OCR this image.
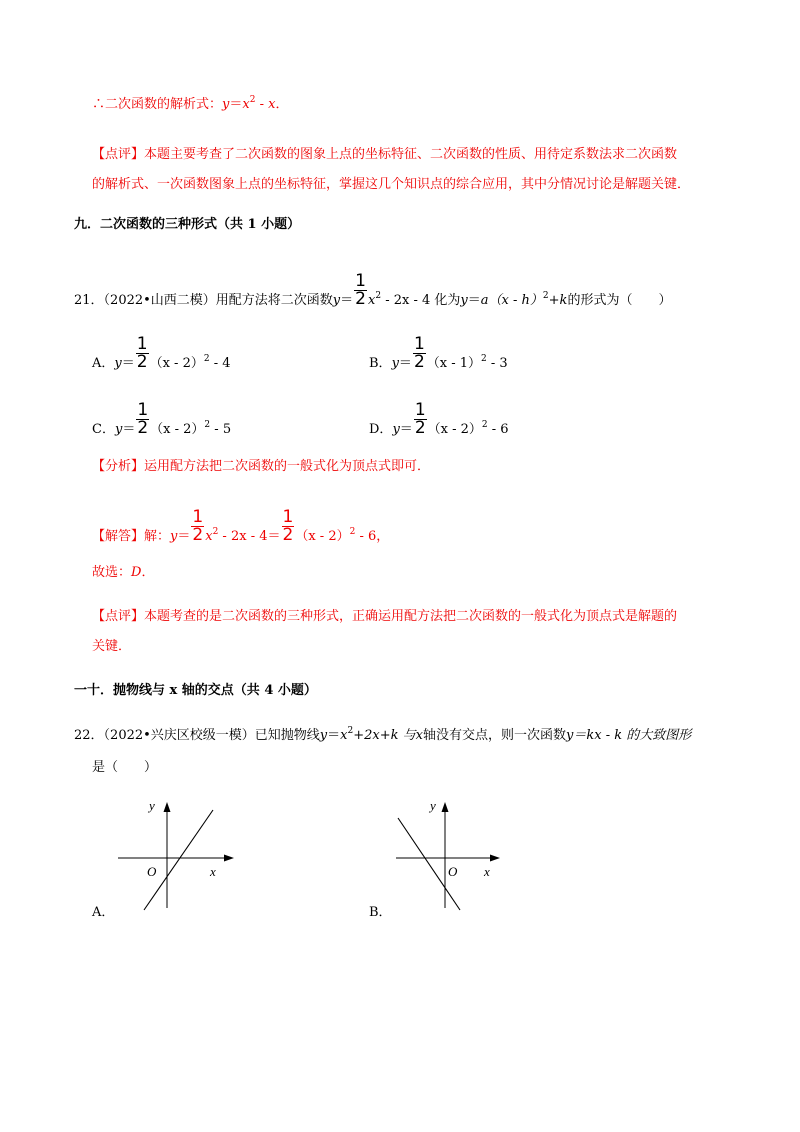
∴二次函数的解析式：$y=x^2 - x$．
【点评】本题主要考查了二次函数的图象上点的坐标特征、二次函数的性质、用待定系数法求二次函数
的解析式、一次函数图象上点的坐标特征，掌握这几个知识点的综合应用，其中分情况讨论是解题关键．
九．二次函数的三种形式（共 1 小题）
21．（2022•山西二模）用配方法将二次函数$y= \frac{1}{2} x^2 - 2x - 4$ 化为y＝a（x - h）$^2$+k的形式为（　　）
A．$y= \frac{1}{2} (x - 2)^2 - 4$	B．$y= \frac{1}{2} (x - 1)^2 - 3$
C．$y= \frac{1}{2} (x - 2)^2 - 5$	D．$y= \frac{1}{2} (x - 2)^2 - 6$
【分析】运用配方法把二次函数的一般式化为顶点式即可．
【解答】解：$y= \frac{1}{2} x^2 - 2x - 4= \frac{1}{2} (x - 2)^2 - 6$，
故选：D．
【点评】本题考查的是二次函数的三种形式，正确运用配方法把二次函数的一般式化为顶点式是解题的
关键．
一十．抛物线与 x 轴的交点（共 4 小题）
22．（2022•兴庆区校级一模）已知抛物线$y=x^2+2x+k$ 与x轴没有交点，则一次函数y＝kx - k 的大致图形
是（　　）
y
x
O
A．
y
x
O
B．
